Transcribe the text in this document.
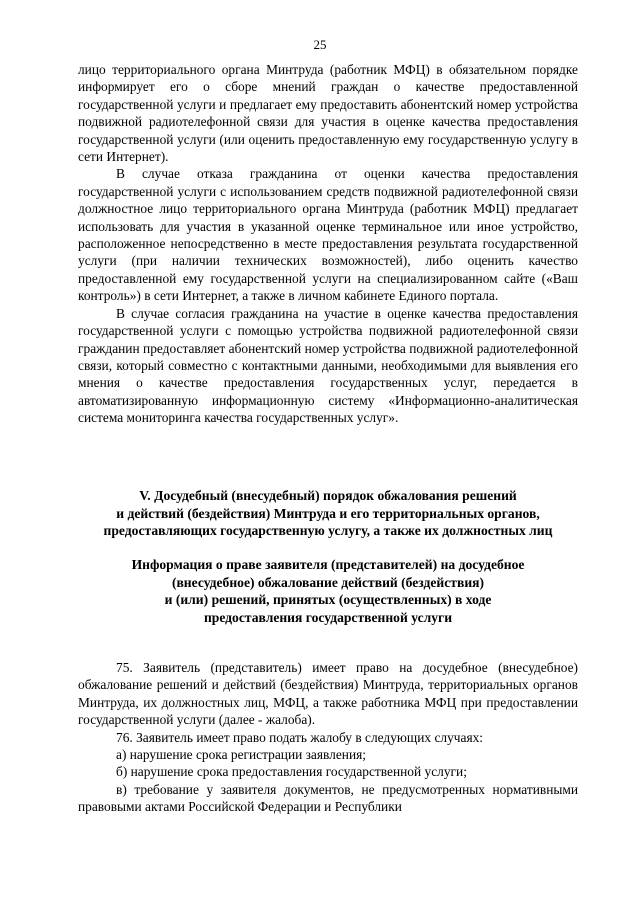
25

лицо территориального органа Минтруда (работник МФЦ) в обязательном порядке информирует его о сборе мнений граждан о качестве предоставленной государственной услуги и предлагает ему предоставить абонентский номер устройства подвижной радиотелефонной связи для участия в оценке качества предоставления государственной услуги (или оценить предоставленную ему государственную услугу в сети Интернет).

В случае отказа гражданина от оценки качества предоставления государственной услуги с использованием средств подвижной радиотелефонной связи должностное лицо территориального органа Минтруда (работник МФЦ) предлагает использовать для участия в указанной оценке терминальное или иное устройство, расположенное непосредственно в месте предоставления результата государственной услуги (при наличии технических возможностей), либо оценить качество предоставленной ему государственной услуги на специализированном сайте («Ваш контроль») в сети Интернет, а также в личном кабинете Единого портала.

В случае согласия гражданина на участие в оценке качества предоставления государственной услуги с помощью устройства подвижной радиотелефонной связи гражданин предоставляет абонентский номер устройства подвижной радиотелефонной связи, который совместно с контактными данными, необходимыми для выявления его мнения о качестве предоставления государственных услуг, передается в автоматизированную информационную систему «Информационно-аналитическая система мониторинга качества государственных услуг».

V. Досудебный (внесудебный) порядок обжалования решений
и действий (бездействия) Минтруда и его территориальных органов,
предоставляющих государственную услугу, а также их должностных лиц
Информация о праве заявителя (представителей) на досудебное
(внесудебное) обжалование действий (бездействия)
и (или) решений, принятых (осуществленных) в ходе
предоставления государственной услуги

75. Заявитель (представитель) имеет право на досудебное (внесудебное) обжалование решений и действий (бездействия) Минтруда, территориальных органов Минтруда, их должностных лиц, МФЦ, а также работника МФЦ при предоставлении государственной услуги (далее - жалоба).

76. Заявитель имеет право подать жалобу в следующих случаях:

а) нарушение срока регистрации заявления;

б) нарушение срока предоставления государственной услуги;

в) требование у заявителя документов, не предусмотренных нормативными правовыми актами Российской Федерации и Республики
